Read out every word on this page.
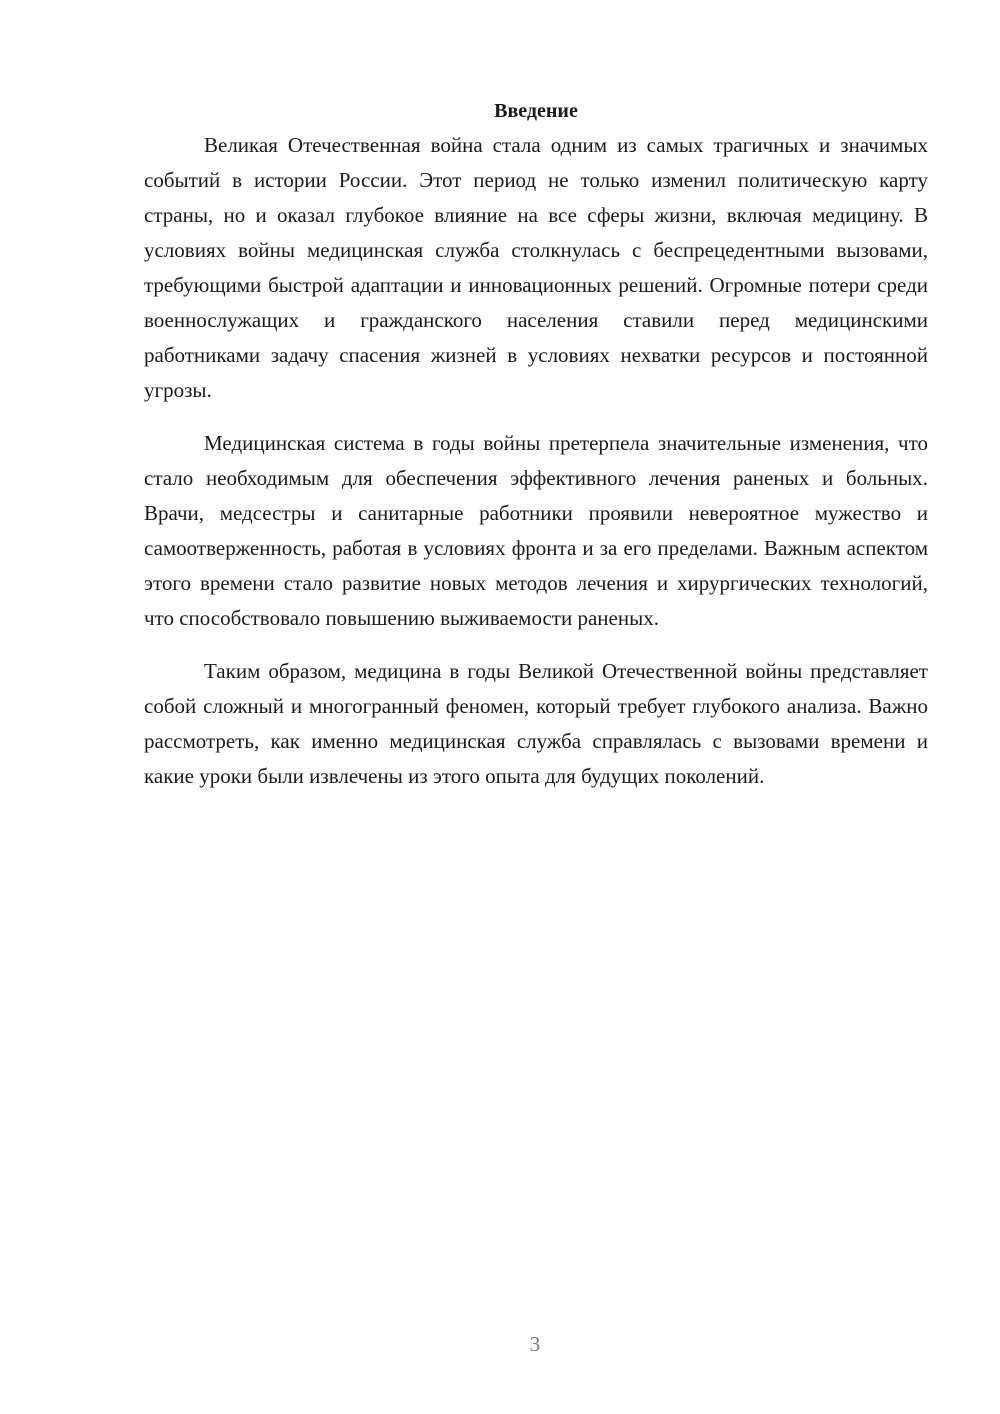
Введение

Великая Отечественная война стала одним из самых трагичных и значимых событий в истории России. Этот период не только изменил политическую карту страны, но и оказал глубокое влияние на все сферы жизни, включая медицину. В условиях войны медицинская служба столкнулась с беспрецедентными вызовами, требующими быстрой адаптации и инновационных решений. Огромные потери среди военнослужащих и гражданского населения ставили перед медицинскими работниками задачу спасения жизней в условиях нехватки ресурсов и постоянной угрозы.

Медицинская система в годы войны претерпела значительные изменения, что стало необходимым для обеспечения эффективного лечения раненых и больных. Врачи, медсестры и санитарные работники проявили невероятное мужество и самоотверженность, работая в условиях фронта и за его пределами. Важным аспектом этого времени стало развитие новых методов лечения и хирургических технологий, что способствовало повышению выживаемости раненых.

Таким образом, медицина в годы Великой Отечественной войны представляет собой сложный и многогранный феномен, который требует глубокого анализа. Важно рассмотреть, как именно медицинская служба справлялась с вызовами времени и какие уроки были извлечены из этого опыта для будущих поколений.

3
